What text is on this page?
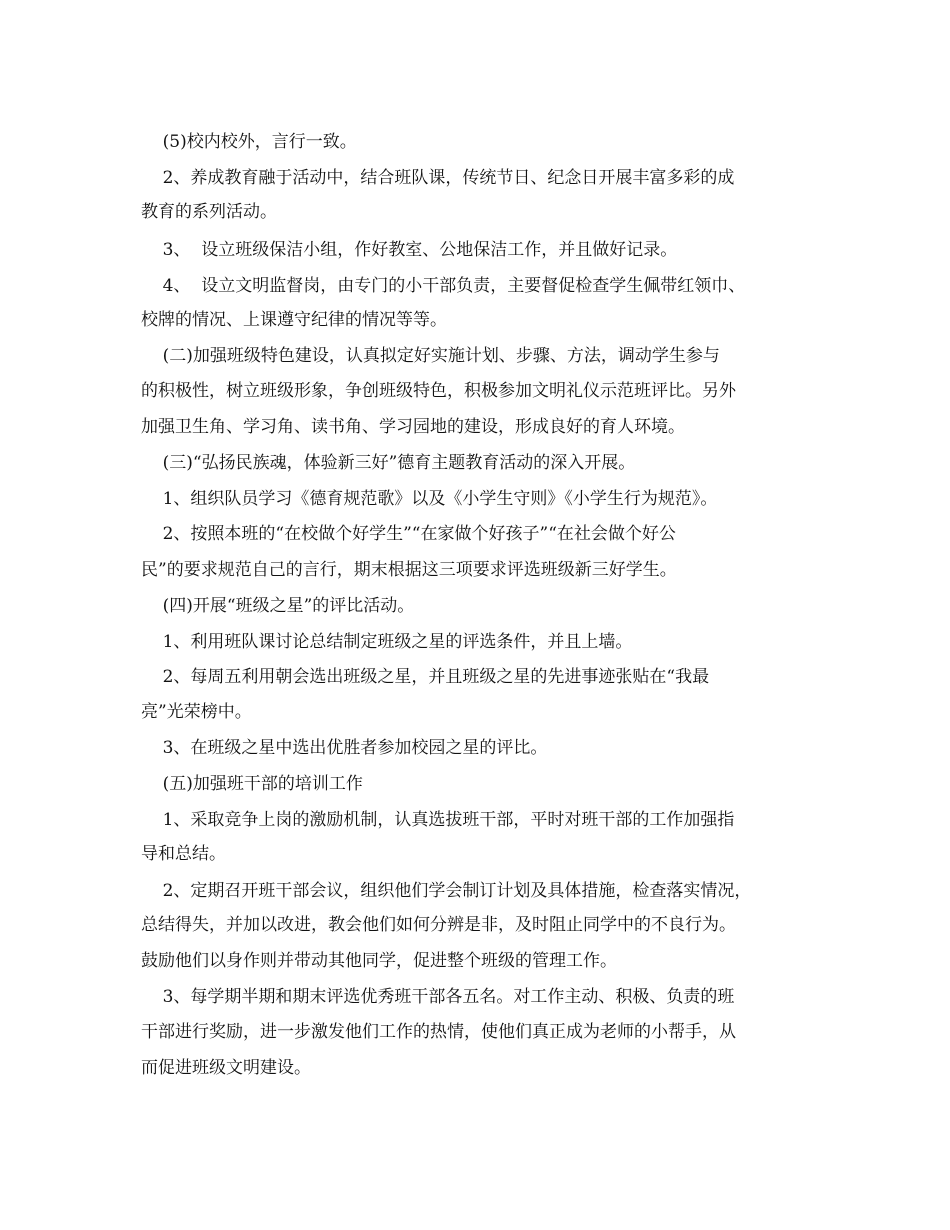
(5)校内校外，言行一致。
2、养成教育融于活动中，结合班队课，传统节日、纪念日开展丰富多彩的成
教育的系列活动。
3、  设立班级保洁小组，作好教室、公地保洁工作，并且做好记录。
4、  设立文明监督岗，由专门的小干部负责，主要督促检查学生佩带红领巾、
校牌的情况、上课遵守纪律的情况等等。
(二)加强班级特色建设，认真拟定好实施计划、步骤、方法，调动学生参与
的积极性，树立班级形象，争创班级特色，积极参加文明礼仪示范班评比。另外
加强卫生角、学习角、读书角、学习园地的建设，形成良好的育人环境。
(三)“弘扬民族魂，体验新三好”德育主题教育活动的深入开展。
1、组织队员学习《德育规范歌》以及《小学生守则》《小学生行为规范》。
2、按照本班的“在校做个好学生”“在家做个好孩子”“在社会做个好公
民”的要求规范自己的言行，期末根据这三项要求评选班级新三好学生。
(四)开展“班级之星”的评比活动。
1、利用班队课讨论总结制定班级之星的评选条件，并且上墙。
2、每周五利用朝会选出班级之星，并且班级之星的先进事迹张贴在“我最
亮”光荣榜中。
3、在班级之星中选出优胜者参加校园之星的评比。
(五)加强班干部的培训工作
1、采取竞争上岗的激励机制，认真选拔班干部，平时对班干部的工作加强指
导和总结。
2、定期召开班干部会议，组织他们学会制订计划及具体措施，检查落实情况，
总结得失，并加以改进，教会他们如何分辨是非，及时阻止同学中的不良行为。
鼓励他们以身作则并带动其他同学，促进整个班级的管理工作。
3、每学期半期和期末评选优秀班干部各五名。对工作主动、积极、负责的班
干部进行奖励，进一步激发他们工作的热情，使他们真正成为老师的小帮手，从
而促进班级文明建设。
